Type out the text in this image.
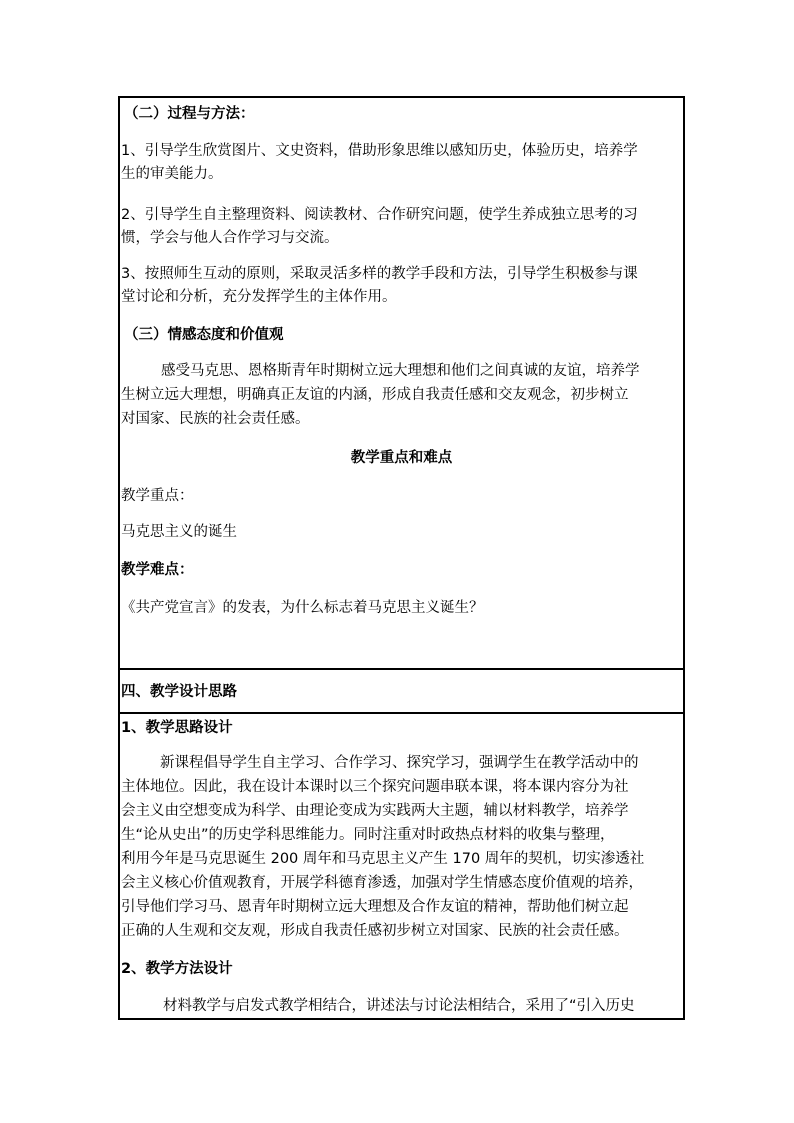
（二）过程与方法：
1、引导学生欣赏图片、文史资料，借助形象思维以感知历史，体验历史，培养学
生的审美能力。
2、引导学生自主整理资料、阅读教材、合作研究问题，使学生养成独立思考的习
惯，学会与他人合作学习与交流。
3、按照师生互动的原则，采取灵活多样的教学手段和方法，引导学生积极参与课
堂讨论和分析，充分发挥学生的主体作用。
（三）情感态度和价值观
感受马克思、恩格斯青年时期树立远大理想和他们之间真诚的友谊，培养学
生树立远大理想，明确真正友谊的内涵，形成自我责任感和交友观念，初步树立
对国家、民族的社会责任感。
教学重点和难点
教学重点：
马克思主义的诞生
教学难点：
《共产党宣言》的发表，为什么标志着马克思主义诞生？
四、教学设计思路
1、教学思路设计
新课程倡导学生自主学习、合作学习、探究学习，强调学生在教学活动中的
主体地位。因此，我在设计本课时以三个探究问题串联本课，将本课内容分为社
会主义由空想变成为科学、由理论变成为实践两大主题，辅以材料教学，培养学
生“论从史出”的历史学科思维能力。同时注重对时政热点材料的收集与整理，
利用今年是马克思诞生 200 周年和马克思主义产生 170 周年的契机，切实渗透社
会主义核心价值观教育，开展学科德育渗透，加强对学生情感态度价值观的培养，
引导他们学习马、恩青年时期树立远大理想及合作友谊的精神，帮助他们树立起
正确的人生观和交友观，形成自我责任感初步树立对国家、民族的社会责任感。
2、教学方法设计
材料教学与启发式教学相结合，讲述法与讨论法相结合，采用了“引入历史
